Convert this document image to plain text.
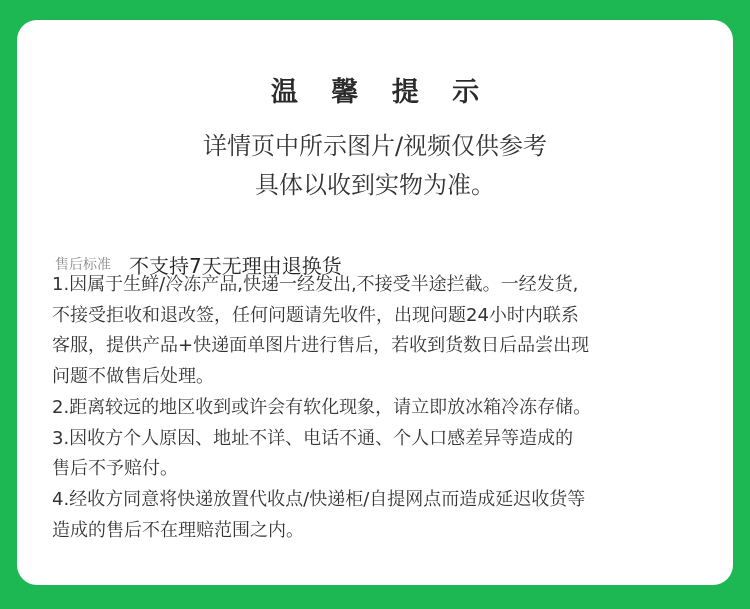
温 馨 提 示
详情页中所示图片/视频仅供参考
具体以收到实物为准。
售后标准 不支持7天无理由退换货
1.因属于生鲜/冷冻产品,快递一经发出,不接受半途拦截。一经发货,
不接受拒收和退改签，任何问题请先收件，出现问题24小时内联系
客服，提供产品+快递面单图片进行售后，若收到货数日后品尝出现
问题不做售后处理。
2.距离较远的地区收到或许会有软化现象，请立即放冰箱冷冻存储。
3.因收方个人原因、地址不详、电话不通、个人口感差异等造成的
售后不予赔付。
4.经收方同意将快递放置代收点/快递柜/自提网点而造成延迟收货等
造成的售后不在理赔范围之内。
